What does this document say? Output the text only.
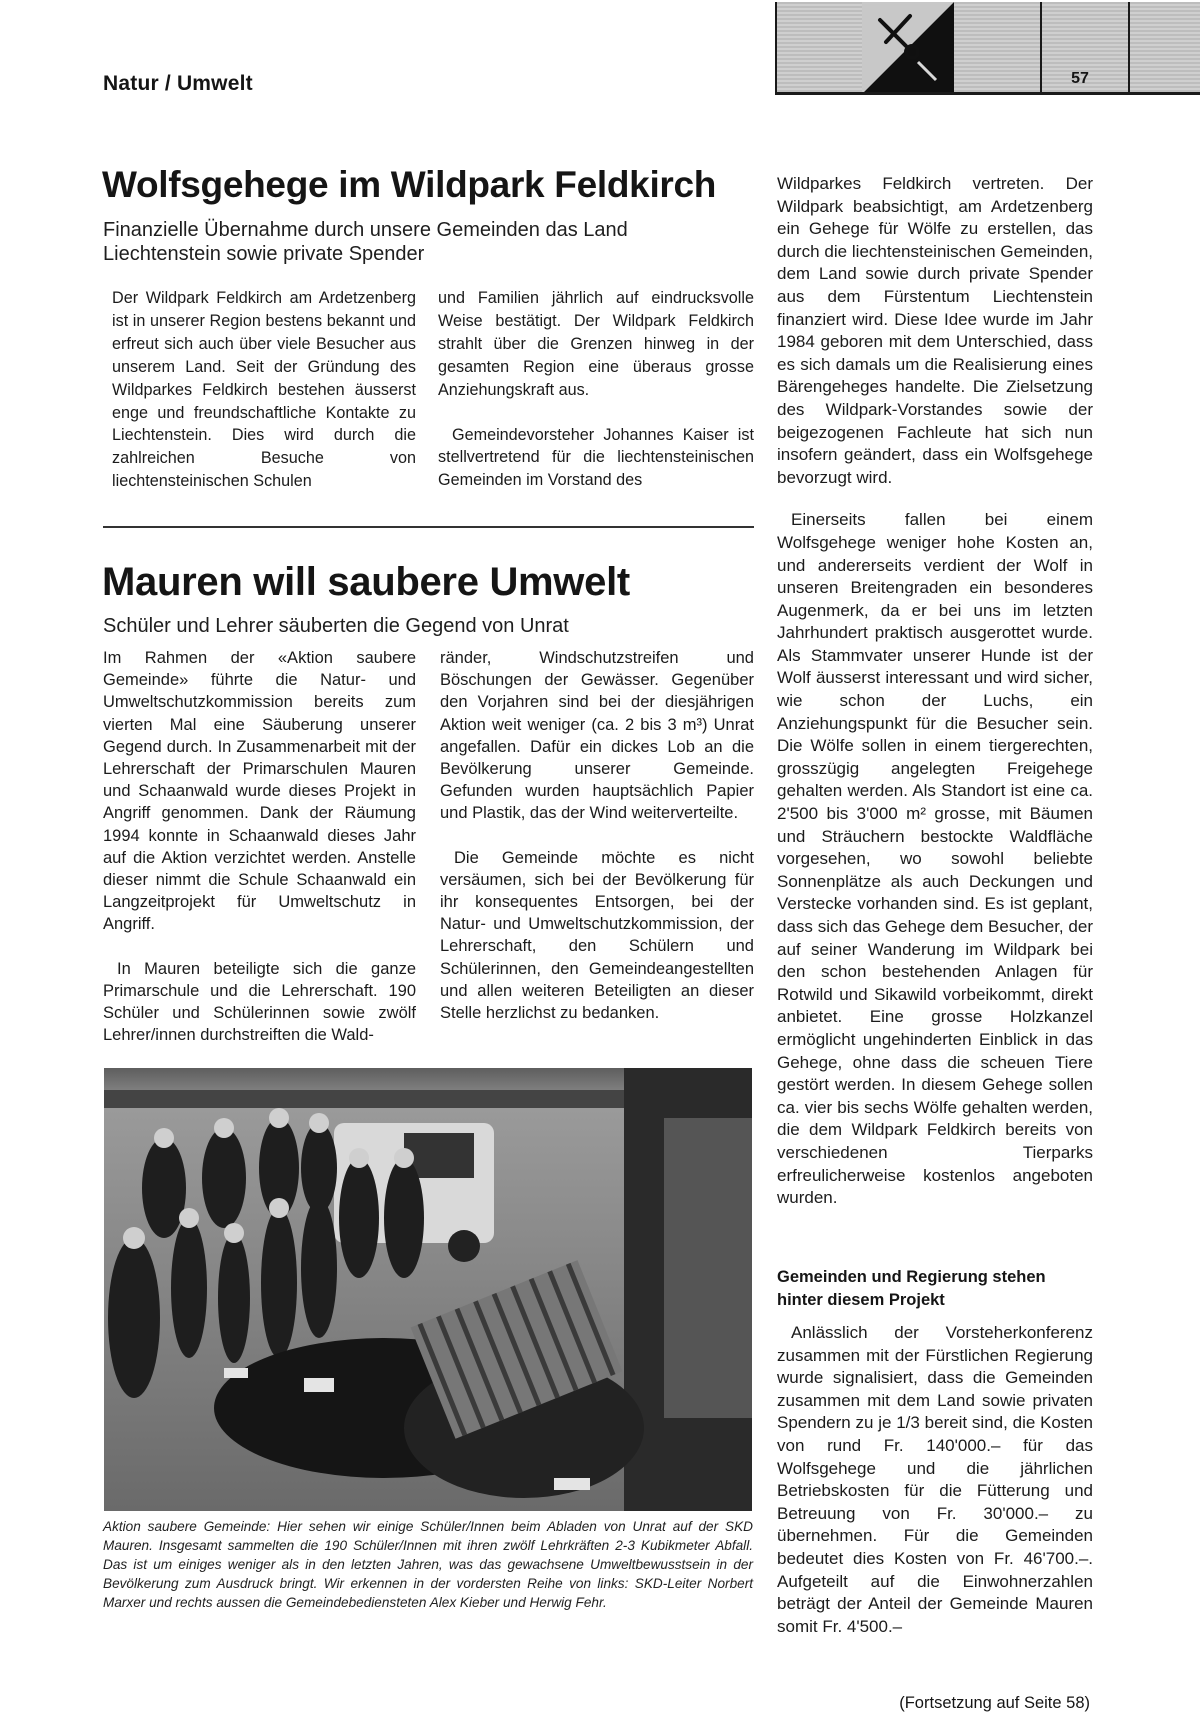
Natur / Umwelt	57
Wolfsgehege im Wildpark Feldkirch
Finanzielle Übernahme durch unsere Gemeinden das Land Liechtenstein sowie private Spender

Der Wildpark Feldkirch am Ardetzenberg ist in unserer Region bestens bekannt und erfreut sich auch über viele Besucher aus unserem Land. Seit der Gründung des Wildparkes Feldkirch bestehen äusserst enge und freundschaftliche Kontakte zu Liechtenstein. Dies wird durch die zahlreichen Besuche von liechtensteinischen Schulen

und Familien jährlich auf eindrucksvolle Weise bestätigt. Der Wildpark Feldkirch strahlt über die Grenzen hinweg in der gesamten Region eine überaus grosse Anziehungskraft aus.

Gemeindevorsteher Johannes Kaiser ist stellvertretend für die liechtensteinischen Gemeinden im Vorstand des

Wildparkes Feldkirch vertreten. Der Wildpark beabsichtigt, am Ardetzenberg ein Gehege für Wölfe zu erstellen, das durch die liechtensteinischen Gemeinden, dem Land sowie durch private Spender aus dem Fürstentum Liechtenstein finanziert wird. Diese Idee wurde im Jahr 1984 geboren mit dem Unterschied, dass es sich damals um die Realisierung eines Bärengeheges handelte. Die Zielsetzung des Wildpark-Vorstandes sowie der beigezogenen Fachleute hat sich nun insofern geändert, dass ein Wolfsgehege bevorzugt wird.

Einerseits fallen bei einem Wolfsgehege weniger hohe Kosten an, und andererseits verdient der Wolf in unseren Breitengraden ein besonderes Augenmerk, da er bei uns im letzten Jahrhundert praktisch ausgerottet wurde. Als Stammvater unserer Hunde ist der Wolf äusserst interessant und wird sicher, wie schon der Luchs, ein Anziehungspunkt für die Besucher sein. Die Wölfe sollen in einem tiergerechten, grosszügig angelegten Freigehege gehalten werden. Als Standort ist eine ca. 2'500 bis 3'000 m² grosse, mit Bäumen und Sträuchern bestockte Waldfläche vorgesehen, wo sowohl beliebte Sonnenplätze als auch Deckungen und Verstecke vorhanden sind. Es ist geplant, dass sich das Gehege dem Besucher, der auf seiner Wanderung im Wildpark bei den schon bestehenden Anlagen für Rotwild und Sikawild vorbeikommt, direkt anbietet. Eine grosse Holzkanzel ermöglicht ungehinderten Einblick in das Gehege, ohne dass die scheuen Tiere gestört werden. In diesem Gehege sollen ca. vier bis sechs Wölfe gehalten werden, die dem Wildpark Feldkirch bereits von verschiedenen Tierparks erfreulicherweise kostenlos angeboten wurden.

Gemeinden und Regierung stehen hinter diesem Projekt

Anlässlich der Vorsteherkonferenz zusammen mit der Fürstlichen Regierung wurde signalisiert, dass die Gemeinden zusammen mit dem Land sowie privaten Spendern zu je 1/3 bereit sind, die Kosten von rund Fr. 140'000.– für das Wolfsgehege und die jährlichen Betriebskosten für die Fütterung und Betreuung von Fr. 30'000.– zu übernehmen. Für die Gemeinden bedeutet dies Kosten von Fr. 46'700.–. Aufgeteilt auf die Einwohnerzahlen beträgt der Anteil der Gemeinde Mauren somit Fr. 4'500.–

(Fortsetzung auf Seite 58)
Mauren will saubere Umwelt
Schüler und Lehrer säuberten die Gegend von Unrat

Im Rahmen der «Aktion saubere Gemeinde» führte die Natur- und Umweltschutzkommission bereits zum vierten Mal eine Säuberung unserer Gegend durch. In Zusammenarbeit mit der Lehrerschaft der Primarschulen Mauren und Schaanwald wurde dieses Projekt in Angriff genommen. Dank der Räumung 1994 konnte in Schaanwald dieses Jahr auf die Aktion verzichtet werden. Anstelle dieser nimmt die Schule Schaanwald ein Langzeitprojekt für Umweltschutz in Angriff.

In Mauren beteiligte sich die ganze Primarschule und die Lehrerschaft. 190 Schüler und Schülerinnen sowie zwölf Lehrer/innen durchstreiften die Wald-

ränder, Windschutzstreifen und Böschungen der Gewässer. Gegenüber den Vorjahren sind bei der diesjährigen Aktion weit weniger (ca. 2 bis 3 m³) Unrat angefallen. Dafür ein dickes Lob an die Bevölkerung unserer Gemeinde. Gefunden wurden hauptsächlich Papier und Plastik, das der Wind weiterverteilte.

Die Gemeinde möchte es nicht versäumen, sich bei der Bevölkerung für ihr konsequentes Entsorgen, bei der Natur- und Umweltschutzkommission, der Lehrerschaft, den Schülern und Schülerinnen, den Gemeindeangestellten und allen weiteren Beteiligten an dieser Stelle herzlichst zu bedanken.

Aktion saubere Gemeinde: Hier sehen wir einige Schüler/Innen beim Abladen von Unrat auf der SKD Mauren. Insgesamt sammelten die 190 Schüler/Innen mit ihren zwölf Lehrkräften 2-3 Kubikmeter Abfall. Das ist um einiges weniger als in den letzten Jahren, was das gewachsene Umweltbewusstsein in der Bevölkerung zum Ausdruck bringt. Wir erkennen in der vordersten Reihe von links: SKD-Leiter Norbert Marxer und rechts aussen die Gemeindebediensteten Alex Kieber und Herwig Fehr.
